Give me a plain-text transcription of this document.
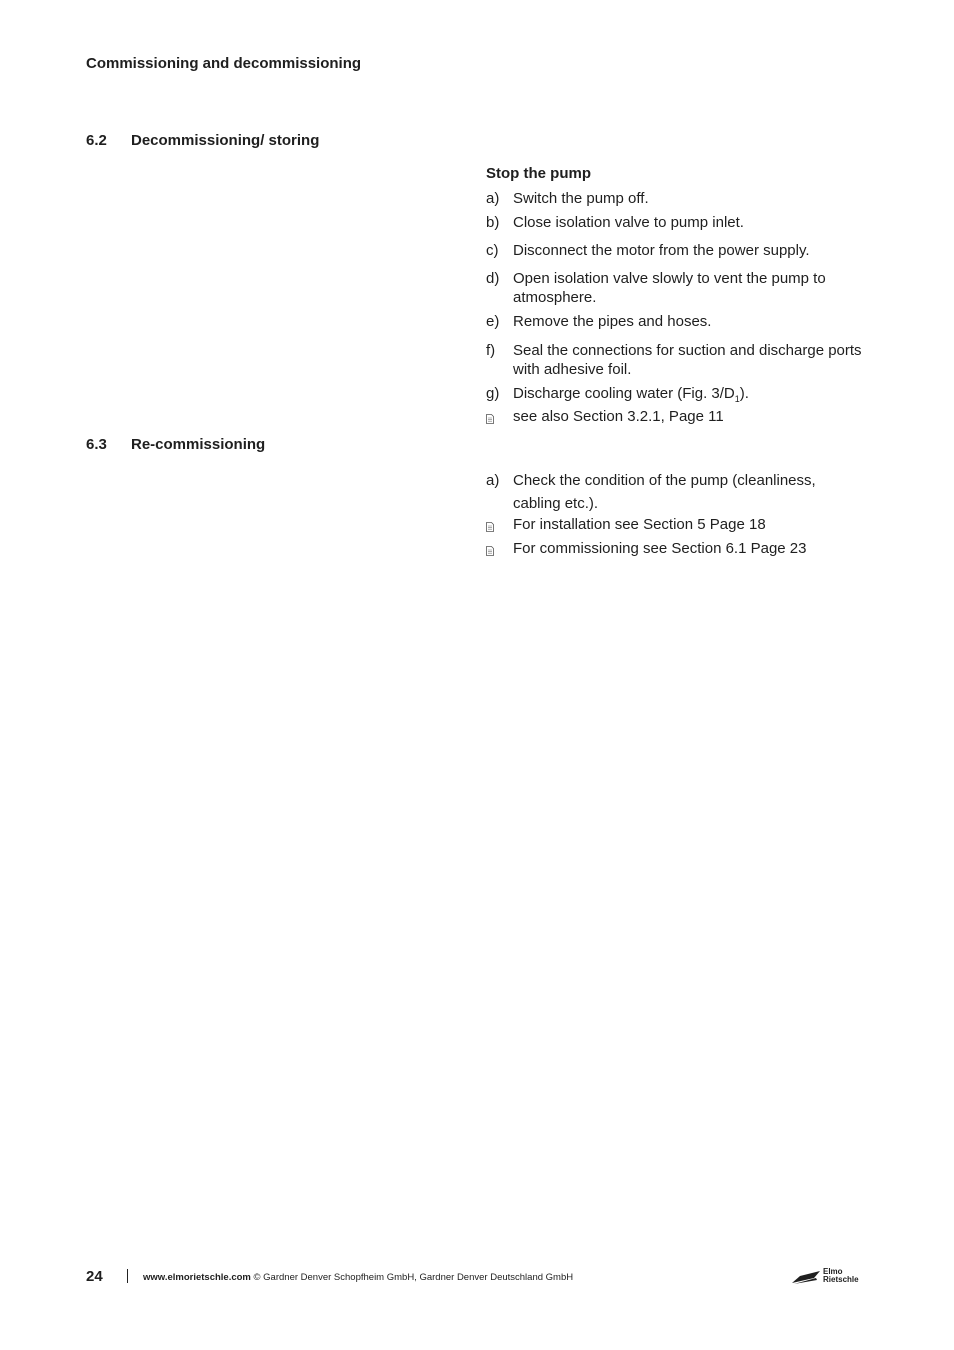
Commissioning and decommissioning
6.2 Decommissioning/ storing
Stop the pump
a) Switch the pump off.
b) Close isolation valve to pump inlet.
c) Disconnect the motor from the power supply.
d) Open isolation valve slowly to vent the pump to atmosphere.
e) Remove the pipes and hoses.
f) Seal the connections for suction and discharge ports with adhesive foil.
g) Discharge cooling water (Fig. $3/D_1$).
see also Section 3.2.1, Page 11
6.3 Re-commissioning
a) Check the condition of the pump (cleanliness, cabling etc.).
For installation see Section 5 Page 18
For commissioning see Section 6.1 Page 23
24	www.elmorietschle.com © Gardner Denver Schopfheim GmbH, Gardner Denver Deutschland GmbH
Elmo
Rietschle
